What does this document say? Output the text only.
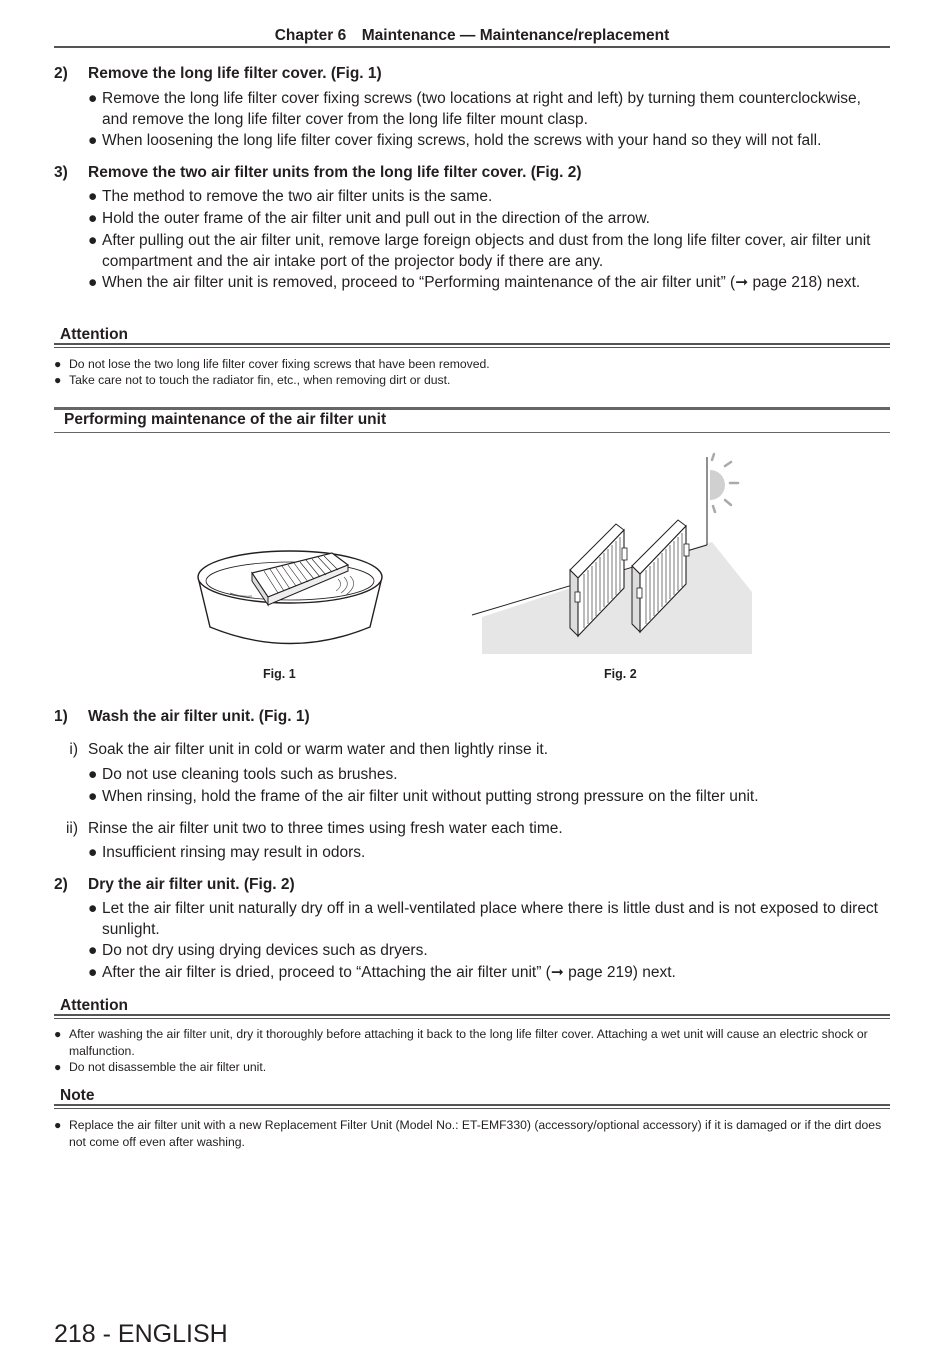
Chapter 6 Maintenance — Maintenance/replacement
2) Remove the long life filter cover. (Fig. 1)
● Remove the long life filter cover fixing screws (two locations at right and left) by turning them counterclockwise, and remove the long life filter cover from the long life filter mount clasp.
● When loosening the long life filter cover fixing screws, hold the screws with your hand so they will not fall.
3) Remove the two air filter units from the long life filter cover. (Fig. 2)
● The method to remove the two air filter units is the same.
● Hold the outer frame of the air filter unit and pull out in the direction of the arrow.
● After pulling out the air filter unit, remove large foreign objects and dust from the long life filter cover, air filter unit compartment and the air intake port of the projector body if there are any.
● When the air filter unit is removed, proceed to “Performing maintenance of the air filter unit” (➞ page 218) next.
Attention
● Do not lose the two long life filter cover fixing screws that have been removed.
● Take care not to touch the radiator fin, etc., when removing dirt or dust.
Performing maintenance of the air filter unit
Fig. 1	Fig. 2
1) Wash the air filter unit. (Fig. 1)
i) Soak the air filter unit in cold or warm water and then lightly rinse it.
● Do not use cleaning tools such as brushes.
● When rinsing, hold the frame of the air filter unit without putting strong pressure on the filter unit.
ii) Rinse the air filter unit two to three times using fresh water each time.
● Insufficient rinsing may result in odors.
2) Dry the air filter unit. (Fig. 2)
● Let the air filter unit naturally dry off in a well-ventilated place where there is little dust and is not exposed to direct sunlight.
● Do not dry using drying devices such as dryers.
● After the air filter is dried, proceed to “Attaching the air filter unit” (➞ page 219) next.
Attention
● After washing the air filter unit, dry it thoroughly before attaching it back to the long life filter cover. Attaching a wet unit will cause an electric shock or malfunction.
● Do not disassemble the air filter unit.
Note
● Replace the air filter unit with a new Replacement Filter Unit (Model No.: ET-EMF330) (accessory/optional accessory) if it is damaged or if the dirt does not come off even after washing.
218 - ENGLISH
